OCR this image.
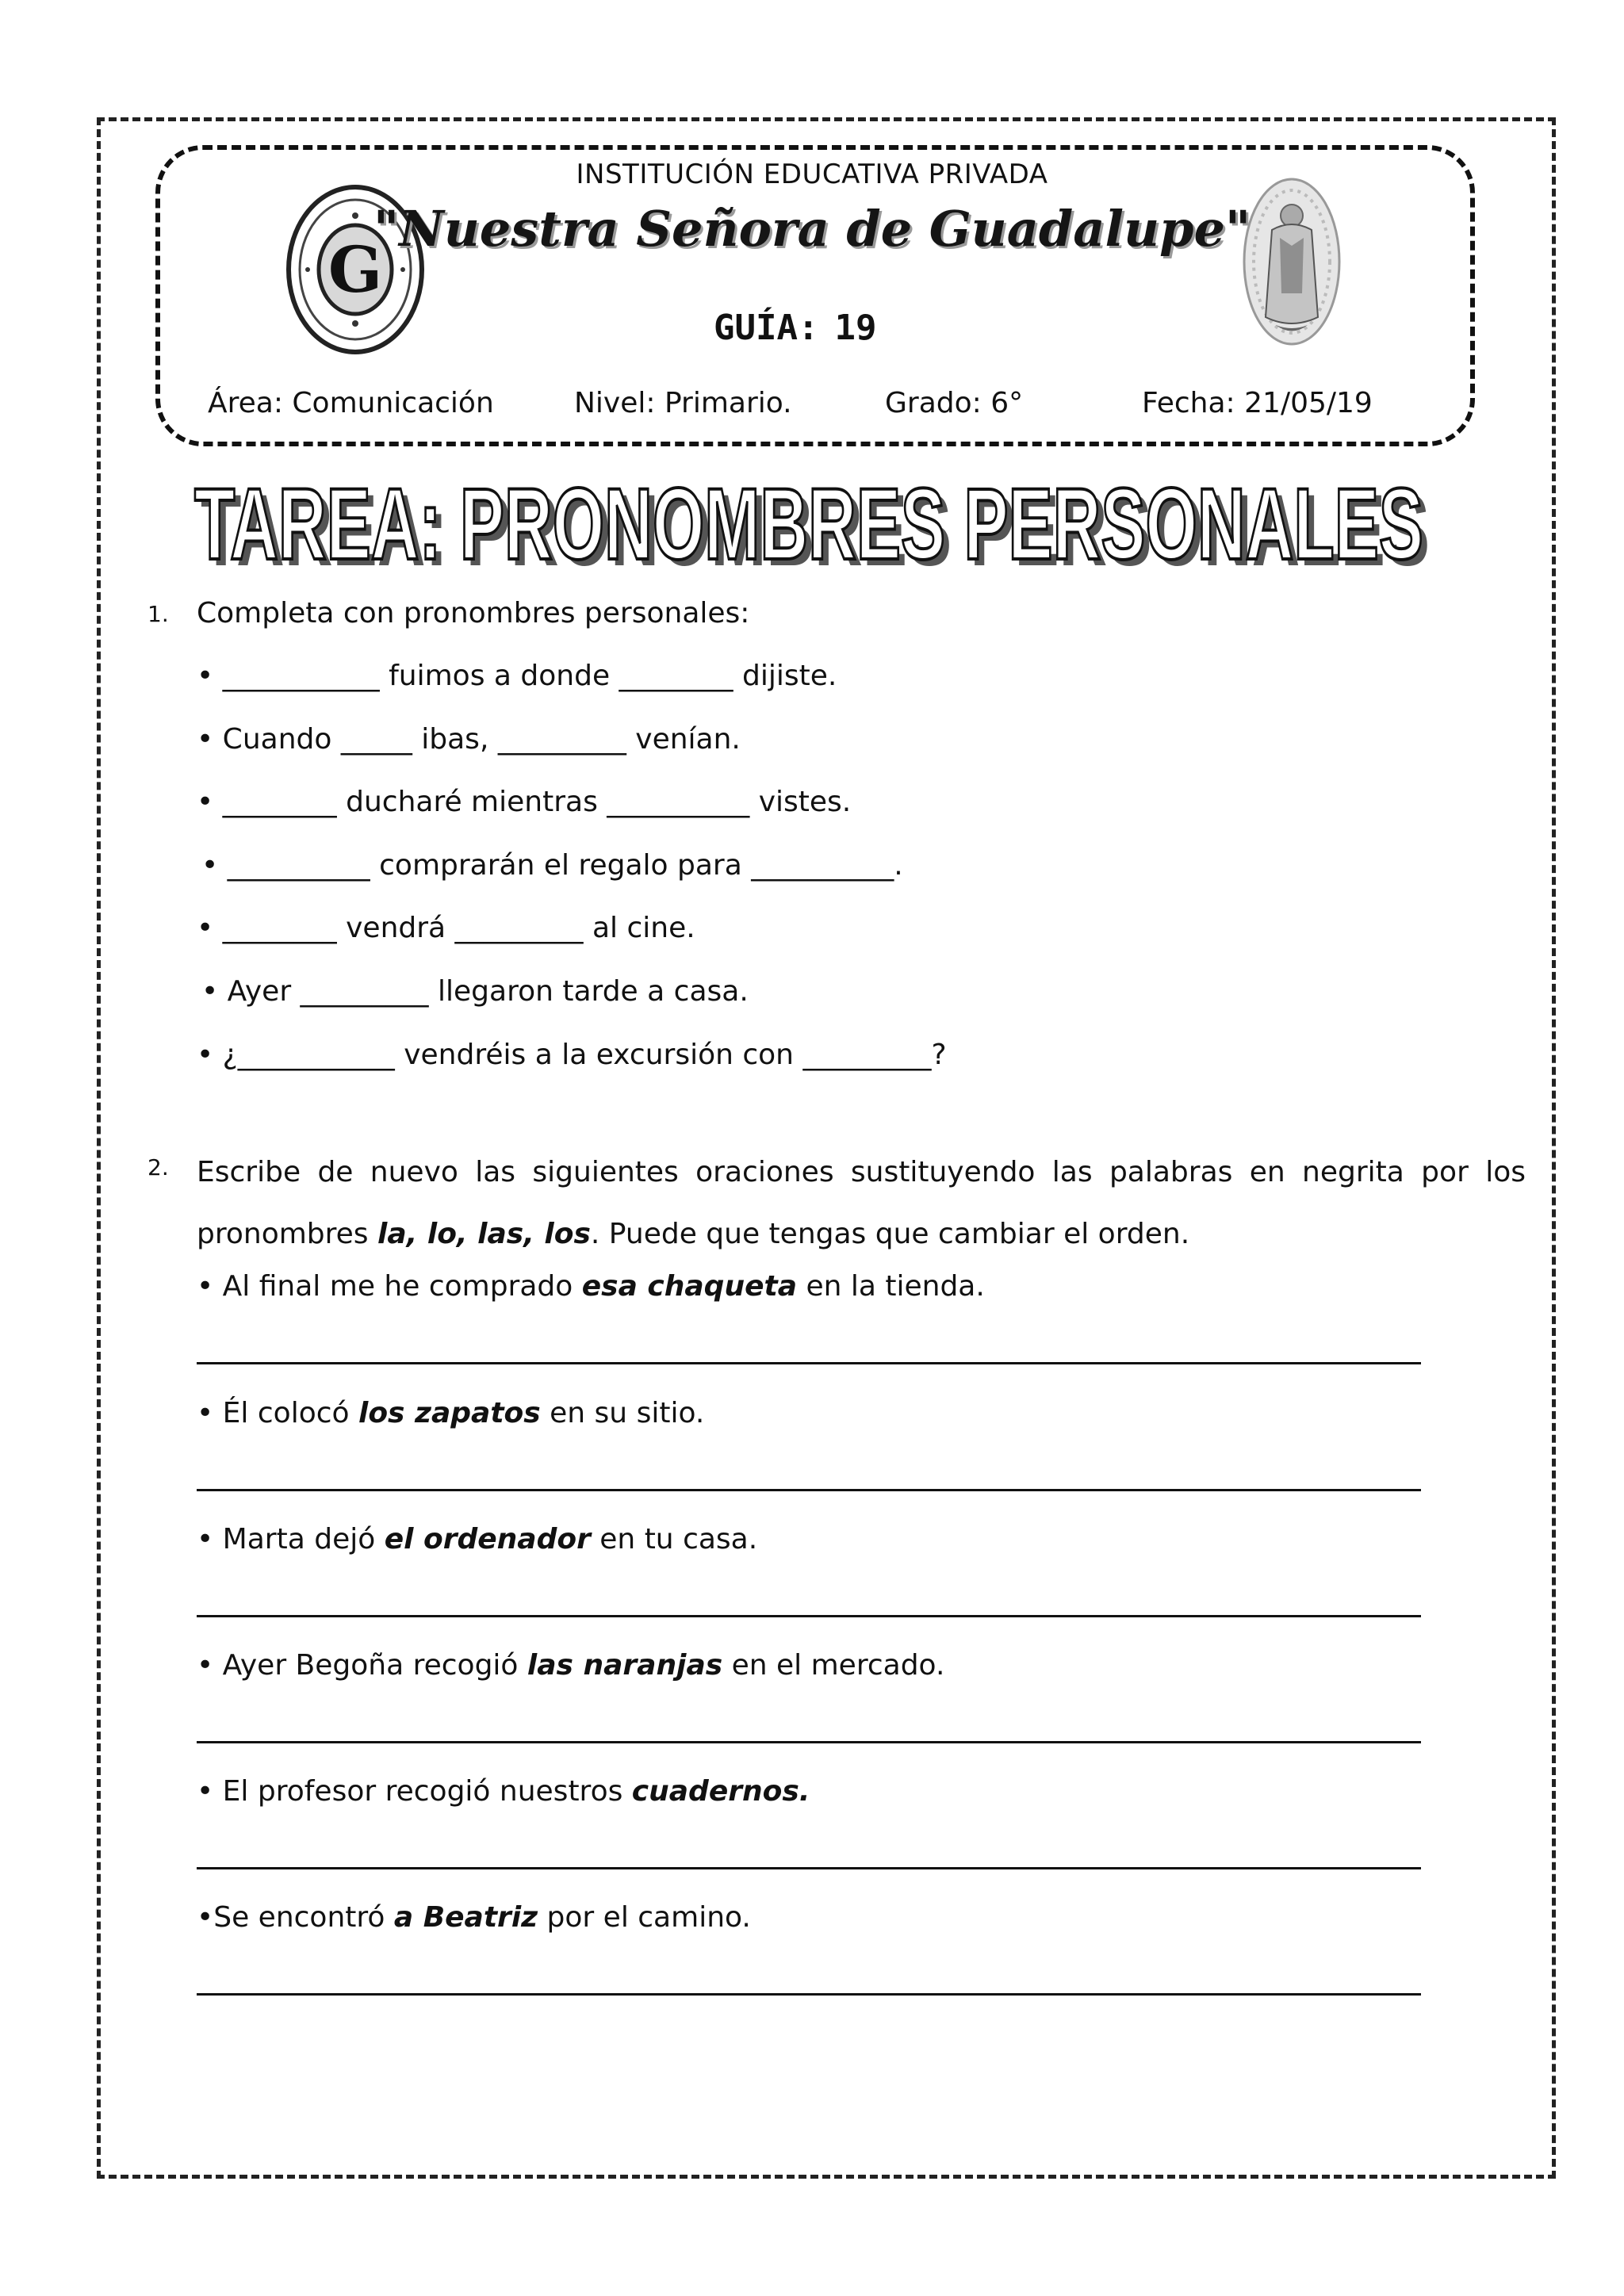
G
INSTITUCIÓN EDUCATIVA PRIVADA
"Nuestra Señora de Guadalupe"
GUÍA: 19
Área: Comunicación	Nivel: Primario.	Grado: 6°	Fecha: 21/05/19
TAREA: PRONOMBRES PERSONALES
TAREA: PRONOMBRES PERSONALES
1. Completa con pronombres personales:
• ___________ fuimos a donde ________ dijiste.
• Cuando _____ ibas, _________ venían.
• ________ ducharé mientras __________ vistes.
• __________ comprarán el regalo para __________.
• ________ vendrá _________ al cine.
• Ayer _________ llegaron tarde a casa.
• ¿___________ vendréis a la excursión con _________?
2. Escribe de nuevo las siguientes oraciones sustituyendo las palabras en negrita por los pronombres la, lo, las, los. Puede que tengas que cambiar el orden.
• Al final me he comprado esa chaqueta en la tienda.
• Él colocó los zapatos en su sitio.
• Marta dejó el ordenador en tu casa.
• Ayer Begoña recogió las naranjas en el mercado.
• El profesor recogió nuestros cuadernos.
•Se encontró a Beatriz por el camino.
